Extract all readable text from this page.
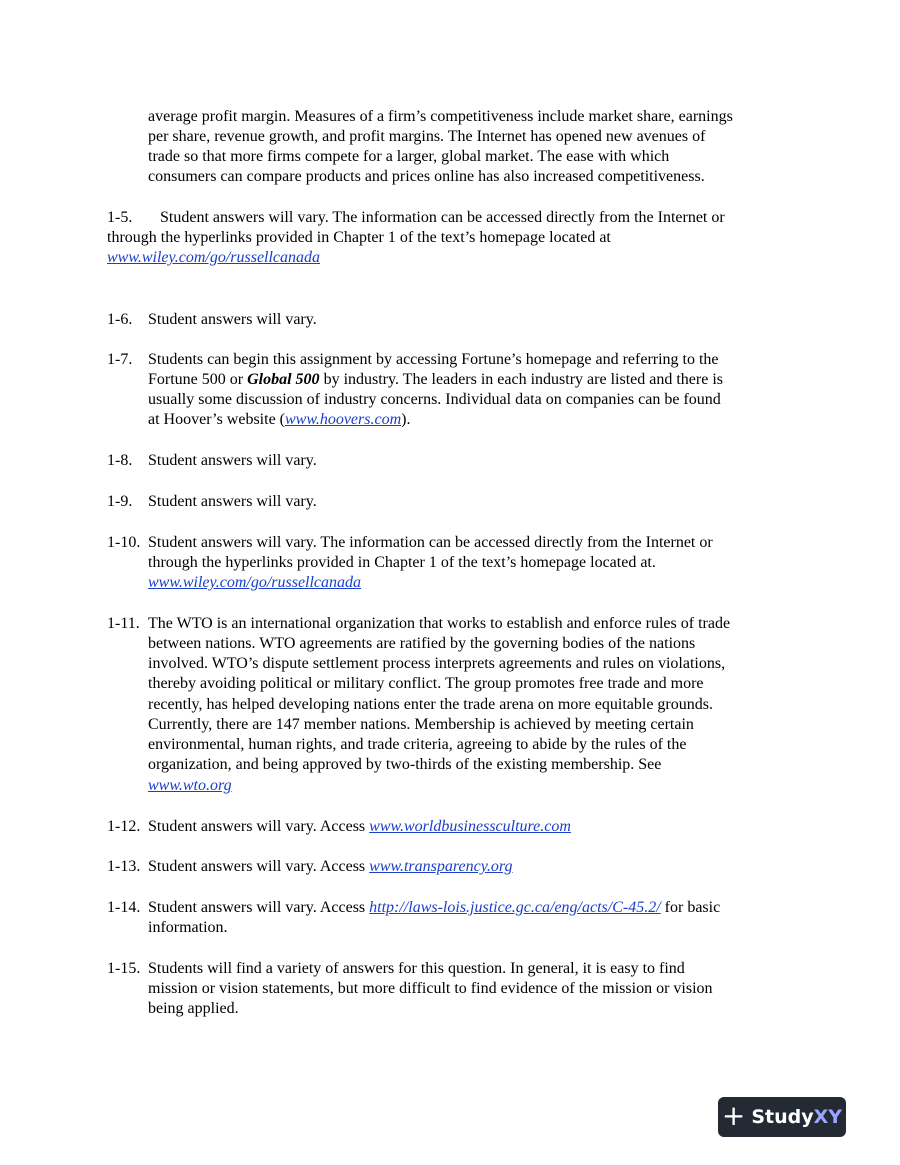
average profit margin. Measures of a firm’s competitiveness include market share, earnings
per share, revenue growth, and profit margins. The Internet has opened new avenues of
trade so that more firms compete for a larger, global market. The ease with which
consumers can compare products and prices online has also increased competitiveness.
1-5. Student answers will vary. The information can be accessed directly from the Internet or
through the hyperlinks provided in Chapter 1 of the text’s homepage located at
www.wiley.com/go/russellcanada
1-6. Student answers will vary.
1-7. Students can begin this assignment by accessing Fortune’s homepage and referring to the
Fortune 500 or Global 500 by industry. The leaders in each industry are listed and there is
usually some discussion of industry concerns. Individual data on companies can be found
at Hoover’s website (www.hoovers.com).
1-8. Student answers will vary.
1-9. Student answers will vary.
1-10. Student answers will vary. The information can be accessed directly from the Internet or
through the hyperlinks provided in Chapter 1 of the text’s homepage located at.
www.wiley.com/go/russellcanada
1-11. The WTO is an international organization that works to establish and enforce rules of trade
between nations. WTO agreements are ratified by the governing bodies of the nations
involved. WTO’s dispute settlement process interprets agreements and rules on violations,
thereby avoiding political or military conflict. The group promotes free trade and more
recently, has helped developing nations enter the trade arena on more equitable grounds.
Currently, there are 147 member nations. Membership is achieved by meeting certain
environmental, human rights, and trade criteria, agreeing to abide by the rules of the
organization, and being approved by two-thirds of the existing membership. See
www.wto.org
1-12. Student answers will vary. Access www.worldbusinessculture.com
1-13. Student answers will vary. Access www.transparency.org
1-14. Student answers will vary. Access http://laws-lois.justice.gc.ca/eng/acts/C-45.2/ for basic
information.
1-15. Students will find a variety of answers for this question. In general, it is easy to find
mission or vision statements, but more difficult to find evidence of the mission or vision
being applied.
+ StudyXY
